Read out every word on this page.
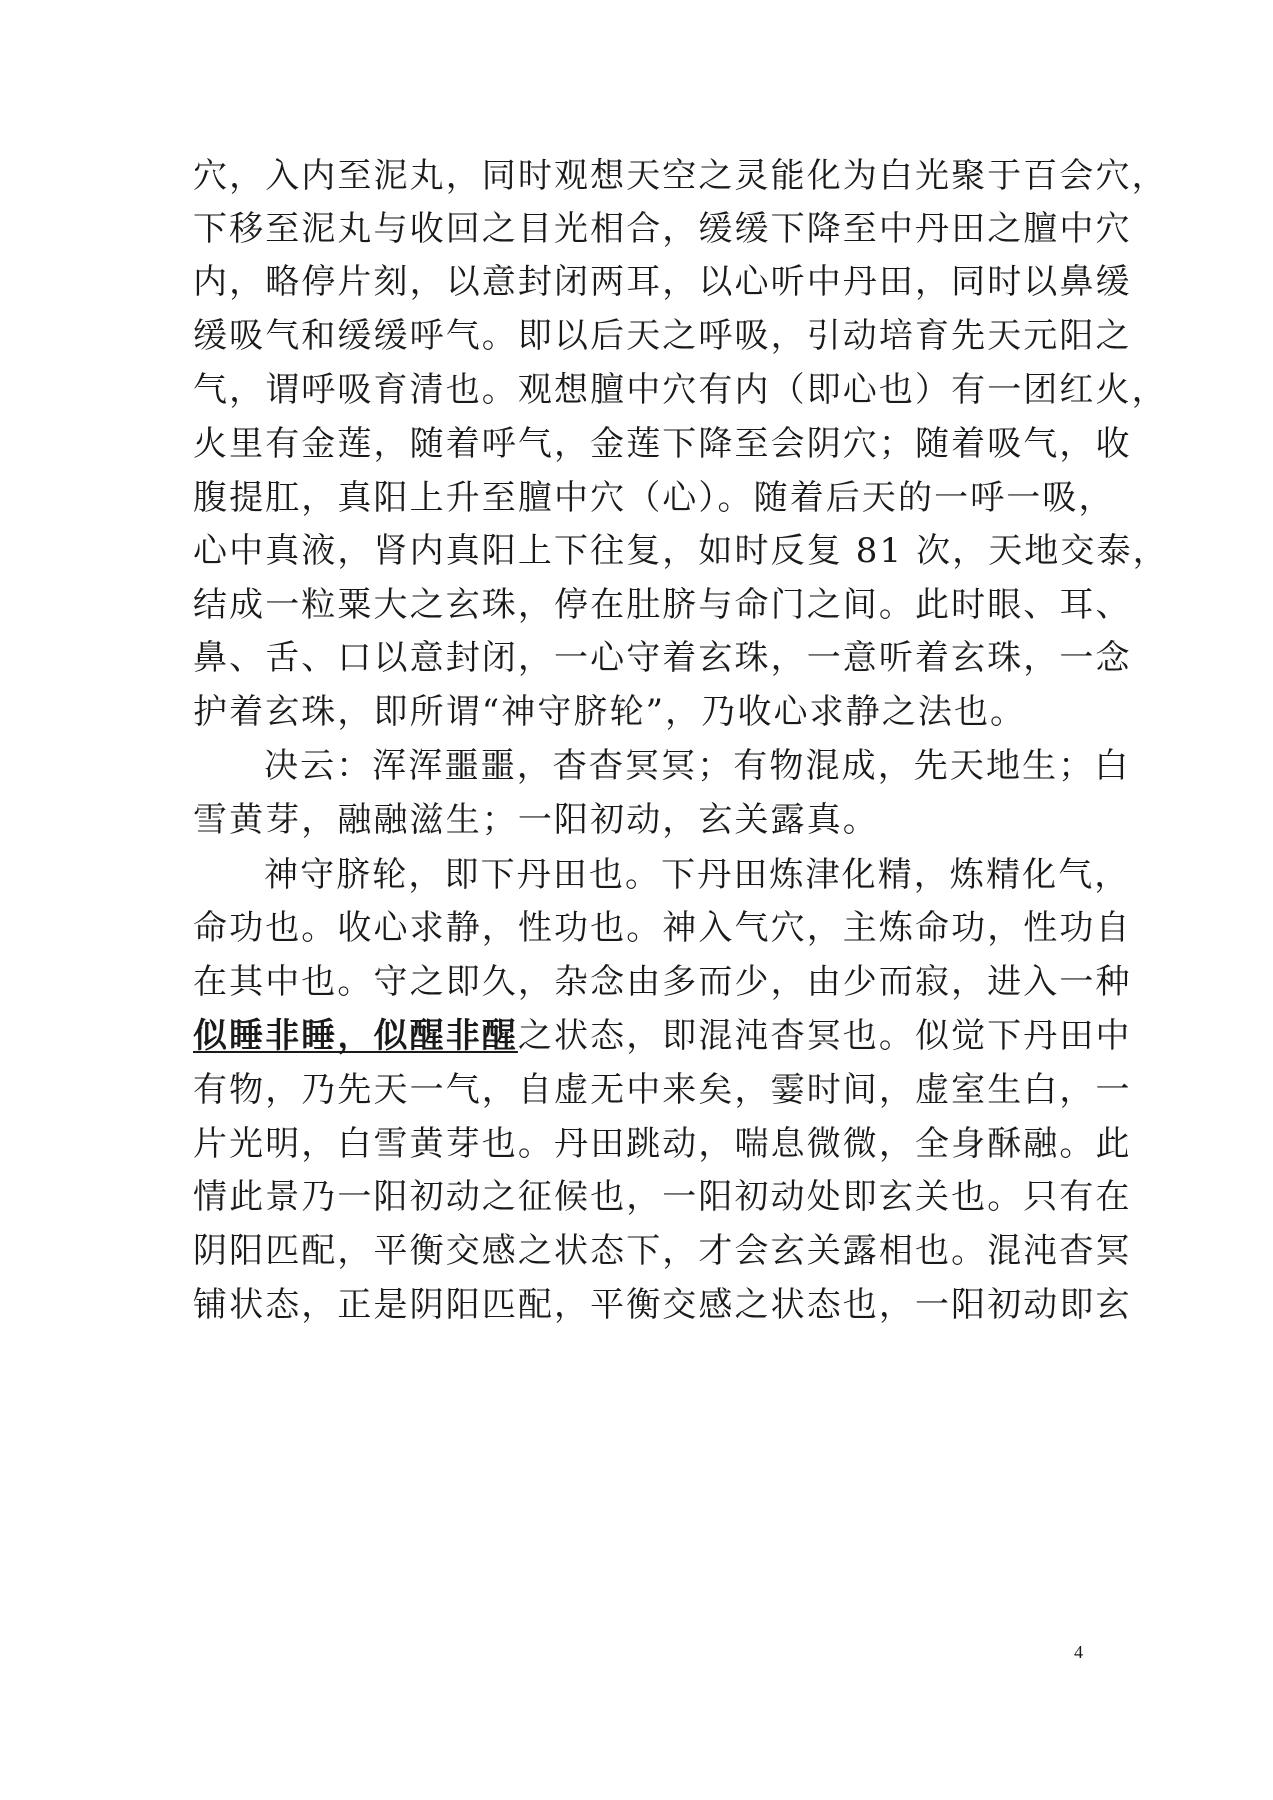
穴，入内至泥丸，同时观想天空之灵能化为白光聚于百会穴，
下移至泥丸与收回之目光相合，缓缓下降至中丹田之膻中穴
内，略停片刻，以意封闭两耳，以心听中丹田，同时以鼻缓
缓吸气和缓缓呼气。即以后天之呼吸，引动培育先天元阳之
气，谓呼吸育清也。观想膻中穴有内（即心也）有一团红火，
火里有金莲，随着呼气，金莲下降至会阴穴；随着吸气，收
腹提肛，真阳上升至膻中穴（心）。随着后天的一呼一吸，
心中真液，肾内真阳上下往复，如时反复 81 次，天地交泰，
结成一粒粟大之玄珠，停在肚脐与命门之间。此时眼、耳、
鼻、舌、口以意封闭，一心守着玄珠，一意听着玄珠，一念
护着玄珠，即所谓“神守脐轮”，乃收心求静之法也。
决云：浑浑噩噩，杳杳冥冥；有物混成，先天地生；白
雪黄芽，融融滋生；一阳初动，玄关露真。
神守脐轮，即下丹田也。下丹田炼津化精，炼精化气，
命功也。收心求静，性功也。神入气穴，主炼命功，性功自
在其中也。守之即久，杂念由多而少，由少而寂，进入一种
似睡非睡，似醒非醒之状态，即混沌杳冥也。似觉下丹田中
有物，乃先天一气，自虚无中来矣，霎时间，虚室生白，一
片光明，白雪黄芽也。丹田跳动，喘息微微，全身酥融。此
情此景乃一阳初动之征候也，一阳初动处即玄关也。只有在
阴阳匹配，平衡交感之状态下，才会玄关露相也。混沌杳冥
铺状态，正是阴阳匹配，平衡交感之状态也，一阳初动即玄
4
